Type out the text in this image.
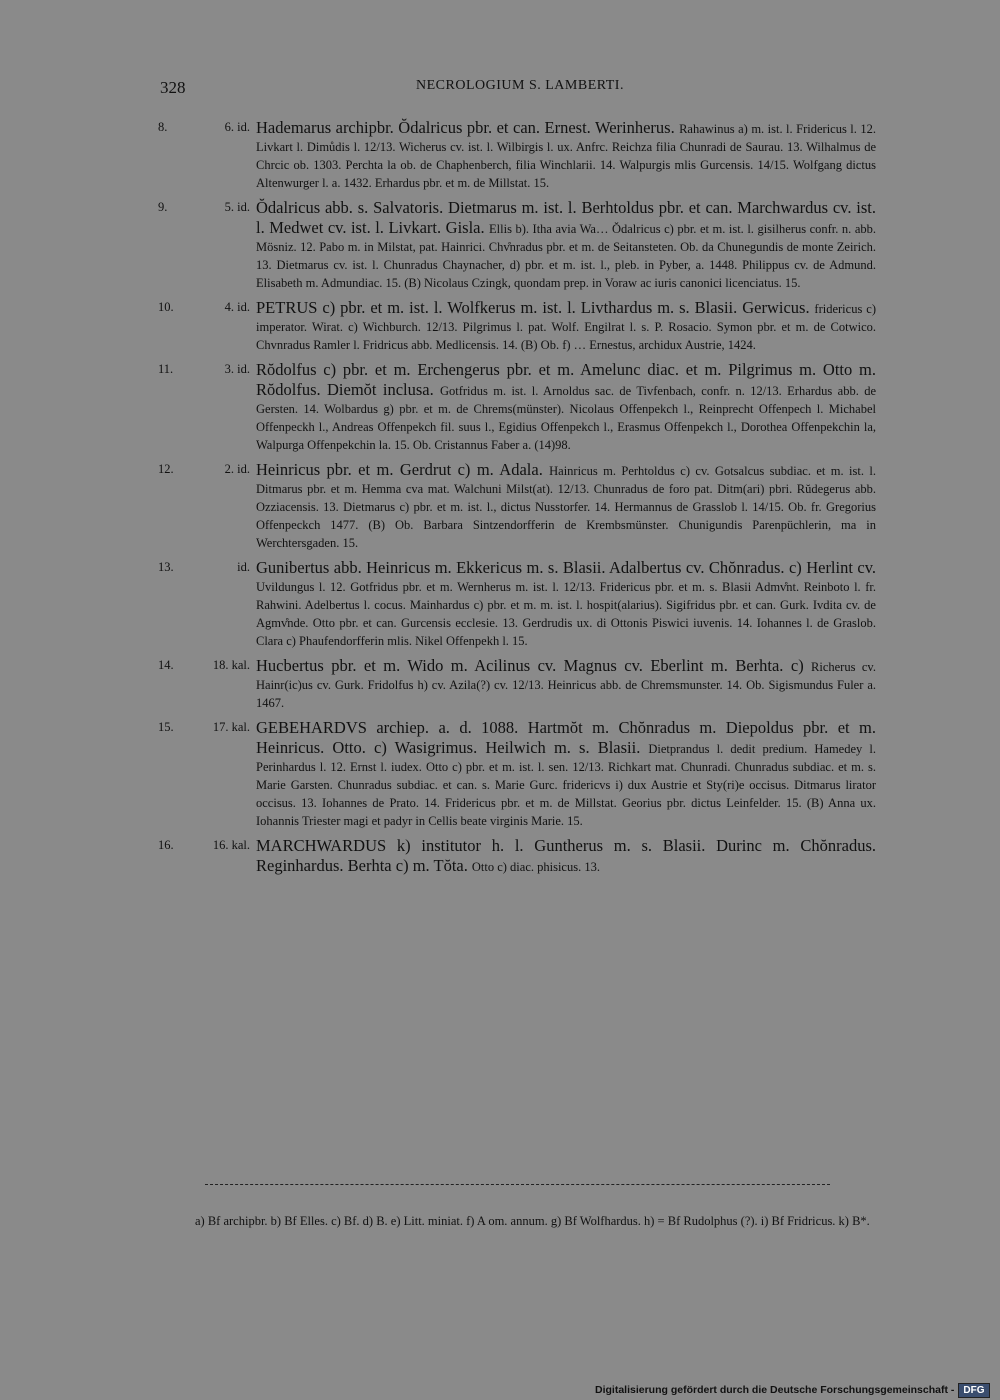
328	NECROLOGIUM S. LAMBERTI.
8.	6. id. Hademarus archipbr. Ŏdalricus pbr. et can. Ernest. Werinherus. Rahawinus a) m. ist. l. Fridericus l. 12. Livkart l. Dimůdis l. 12/13. Wicherus cv. ist. l. Wilbirgis l. ux. Anfrc. Reichza filia Chunradi de Saurau. 13. Wilhalmus de Chrcic ob. 1303. Perchta la ob. de Chaphenberch, filia Winchlarii. 14. Walpurgis mlis Gurcensis. 14/15. Wolfgang dictus Altenwurger l. a. 1432. Erhardus pbr. et m. de Millstat. 15.
9.	5. id. Ŏdalricus abb. s. Salvatoris. Dietmarus m. ist. l. Berhtoldus pbr. et can. Marchwardus cv. ist. l. Medwet cv. ist. l. Livkart. Gisla. Ellis b). Itha avia Wa… Ŏdalricus c) pbr. et m. ist. l. gisilherus confr. n. abb. Mösniz. 12. Pabo m. in Milstat, pat. Hainrici. Chv̊nradus pbr. et m. de Seitansteten. Ob. da Chunegundis de monte Zeirich. 13. Dietmarus cv. ist. l. Chunradus Chaynacher, d) pbr. et m. ist. l., pleb. in Pyber, a. 1448. Philippus cv. de Admund. Elisabeth m. Admundiac. 15. (B) Nicolaus Czingk, quondam prep. in Voraw ac iuris canonici licenciatus. 15.
10.	4. id. PETRUS c) pbr. et m. ist. l. Wolfkerus m. ist. l. Livthardus m. s. Blasii. Gerwicus. fridericus c) imperator. Wirat. c) Wichburch. 12/13. Pilgrimus l. pat. Wolf. Engilrat l. s. P. Rosacio. Symon pbr. et m. de Cotwico. Chvnradus Ramler l. Fridricus abb. Medlicensis. 14. (B) Ob. f) … Ernestus, archidux Austrie, 1424.
11.	3. id. Rŏdolfus c) pbr. et m. Erchengerus pbr. et m. Amelunc diac. et m. Pilgrimus m. Otto m. Rŏdolfus. Diemŏt inclusa. Gotfridus m. ist. l. Arnoldus sac. de Tivfenbach, confr. n. 12/13. Erhardus abb. de Gersten. 14. Wolbardus g) pbr. et m. de Chrems(münster). Nicolaus Offenpekch l., Reinprecht Offenpech l. Michabel Offenpeckh l., Andreas Offenpekch fil. suus l., Egidius Offenpekch l., Erasmus Offenpekch l., Dorothea Offenpekchin la, Walpurga Offenpekchin la. 15. Ob. Cristannus Faber a. (14)98.
12.	2. id. Heinricus pbr. et m. Gerdrut c) m. Adala. Hainricus m. Perhtoldus c) cv. Gotsalcus subdiac. et m. ist. l. Ditmarus pbr. et m. Hemma cva mat. Walchuni Milst(at). 12/13. Chunradus de foro pat. Ditm(ari) pbri. Rŭdegerus abb. Ozziacensis. 13. Dietmarus c) pbr. et m. ist. l., dictus Nusstorfer. 14. Hermannus de Grasslob l. 14/15. Ob. fr. Gregorius Offenpeckch 1477. (B) Ob. Barbara Sintzendorfferin de Krembsmünster. Chunigundis Parenpüchlerin, ma in Werchtersgaden. 15.
13.	id. Gunibertus abb. Heinricus m. Ekkericus m. s. Blasii. Adalbertus cv. Chŏnradus. c) Herlint cv. Uvildungus l. 12. Gotfridus pbr. et m. Wernherus m. ist. l. 12/13. Fridericus pbr. et m. s. Blasii Admv̊nt. Reinboto l. fr. Rahwini. Adelbertus l. cocus. Mainhardus c) pbr. et m. m. ist. l. hospit(alarius). Sigifridus pbr. et can. Gurk. Ivdita cv. de Agmv̊nde. Otto pbr. et can. Gurcensis ecclesie. 13. Gerdrudis ux. di Ottonis Piswici iuvenis. 14. Iohannes l. de Graslob. Clara c) Phaufendorfferin mlis. Nikel Offenpekh l. 15.
14.	18. kal. Hucbertus pbr. et m. Wido m. Acilinus cv. Magnus cv. Eberlint m. Berhta. c) Richerus cv. Hainr(ic)us cv. Gurk. Fridolfus h) cv. Azila(?) cv. 12/13. Heinricus abb. de Chremsmunster. 14. Ob. Sigismundus Fuler a. 1467.
15.	17. kal. GEBEHARDVS archiep. a. d. 1088. Hartmŏt m. Chŏnradus m. Diepoldus pbr. et m. Heinricus. Otto. c) Wasigrimus. Heilwich m. s. Blasii. Dietprandus l. dedit predium. Hamedey l. Perinhardus l. 12. Ernst l. iudex. Otto c) pbr. et m. ist. l. sen. 12/13. Richkart mat. Chunradi. Chunradus subdiac. et m. s. Marie Garsten. Chunradus subdiac. et can. s. Marie Gurc. fridericvs i) dux Austrie et Sty(ri)e occisus. Ditmarus lirator occisus. 13. Iohannes de Prato. 14. Fridericus pbr. et m. de Millstat. Georius pbr. dictus Leinfelder. 15. (B) Anna ux. Iohannis Triester magi et padyr in Cellis beate virginis Marie. 15.
16.	16. kal. MARCHWARDUS k) institutor h. l. Guntherus m. s. Blasii. Durinc m. Chŏnradus. Reginhardus. Berhta c) m. Tŏta. Otto c) diac. phisicus. 13.
a) Bf archipbr. b) Bf Elles. c) Bf. d) B. e) Litt. miniat. f) A om. annum. g) Bf Wolfhardus. h) = Bf Rudolphus (?). i) Bf Fridricus. k) B*.
Digitalisierung gefördert durch die Deutsche Forschungsgemeinschaft - DFG
